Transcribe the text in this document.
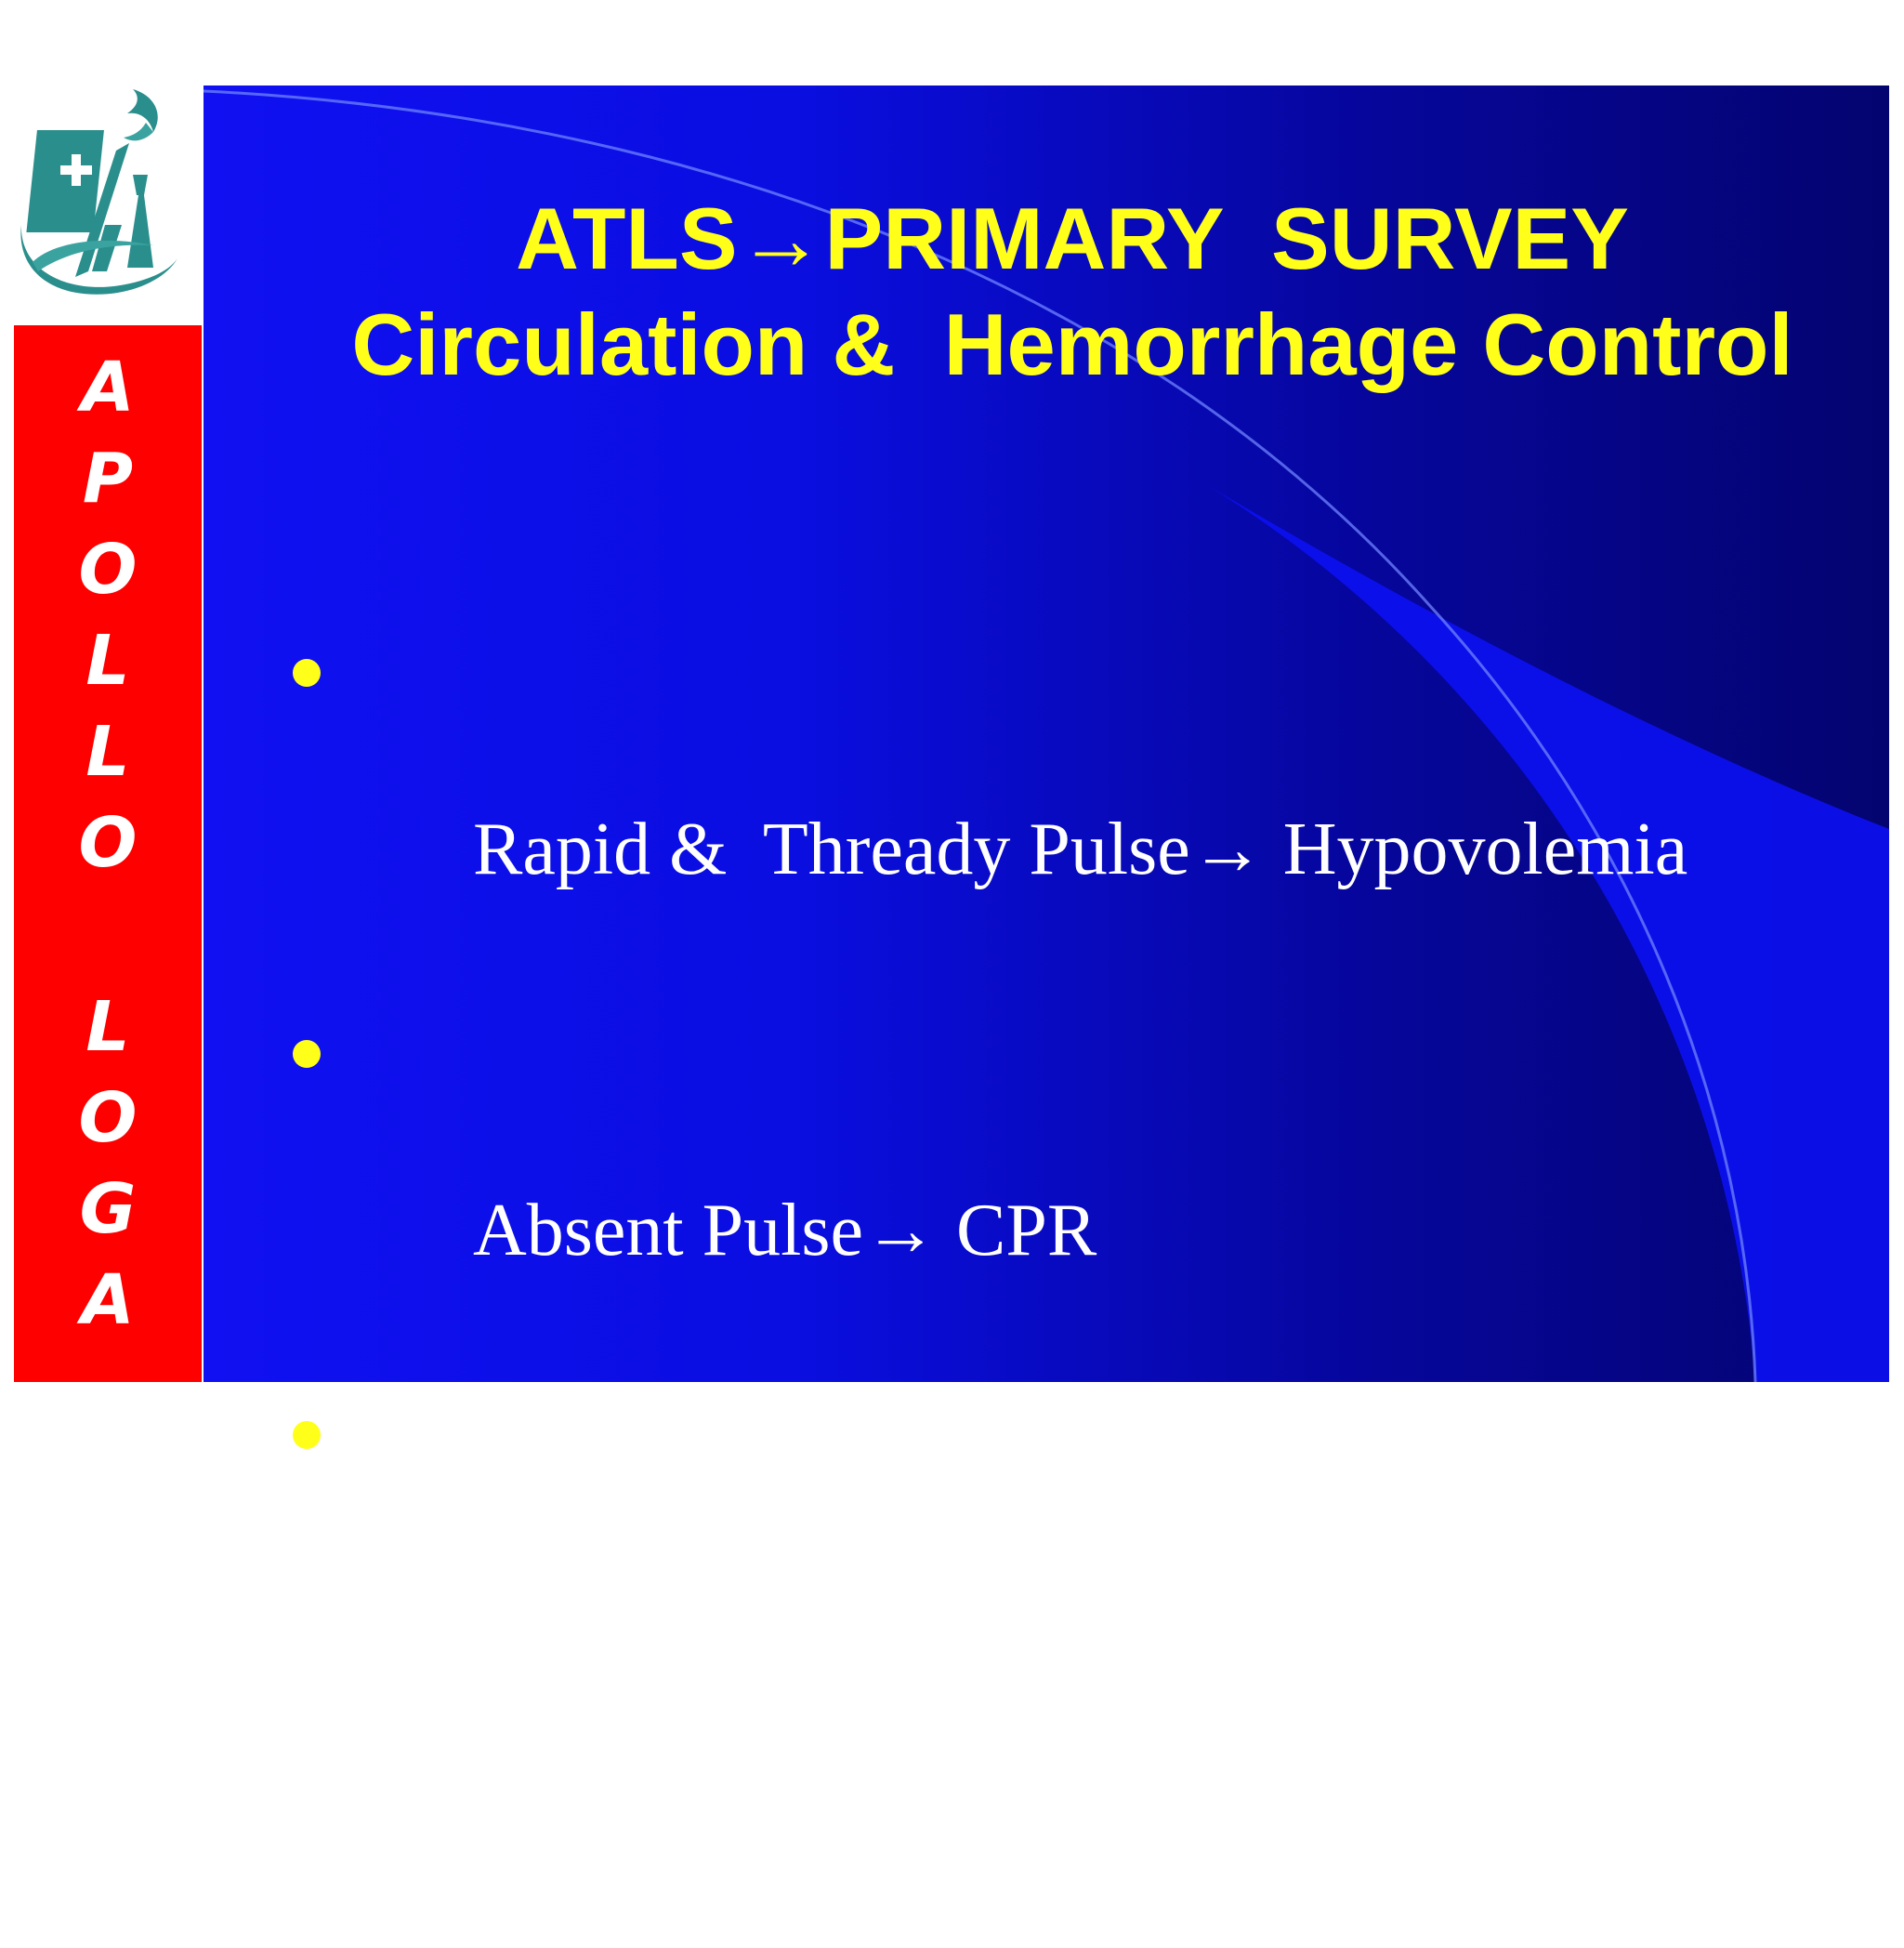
A
P
O
L
L
O
L
O
G
A
ATLS→PRIMARY  SURVEY
Circulation &  Hemorrhage Control

Rapid &  Thready Pulse→ Hypovolemia

Absent Pulse→ CPR

External Exsanguinating Hemorrhage controlled with MAST/ PASG, Never use Tourniquets
